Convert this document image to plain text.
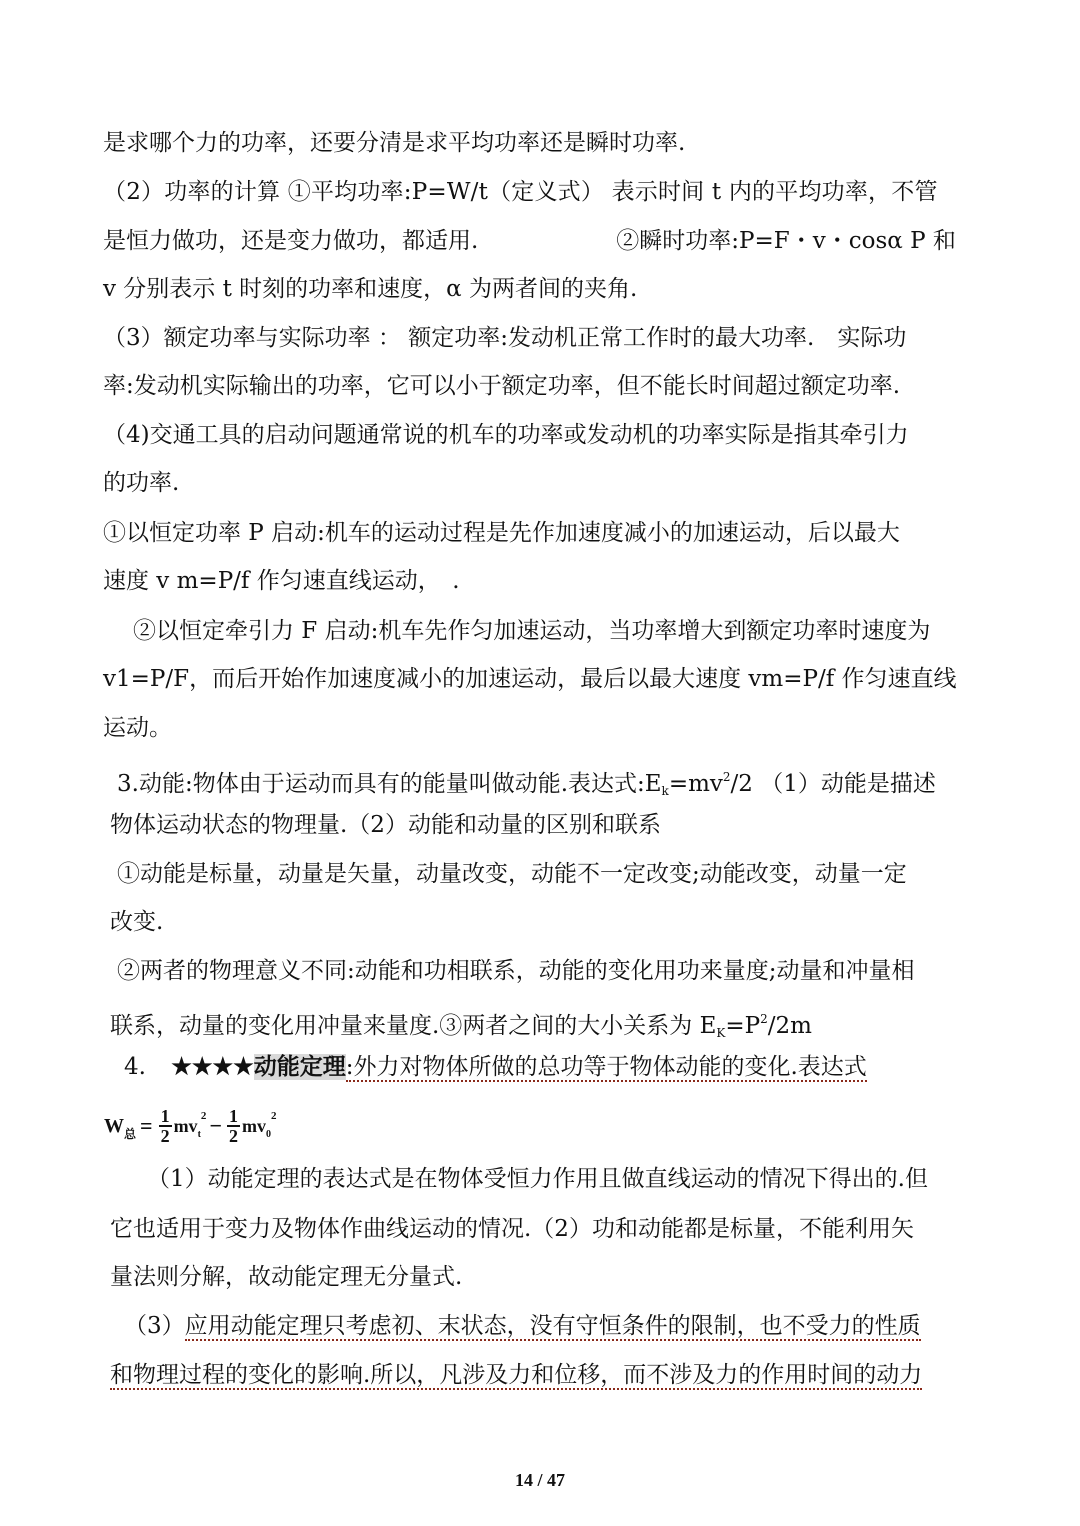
是求哪个力的功率，还要分清是求平均功率还是瞬时功率.
（2）功率的计算 ①平均功率:P=W/t（定义式） 表示时间 t 内的平均功率，不管
是恒力做功，还是变力做功，都适用.　　　　　　②瞬时功率:P=F・v・cosα P 和
v 分别表示 t 时刻的功率和速度，α 为两者间的夹角.
（3）额定功率与实际功率 ： 额定功率:发动机正常工作时的最大功率.　实际功
率:发动机实际输出的功率，它可以小于额定功率，但不能长时间超过额定功率.
（4)交通工具的启动问题通常说的机车的功率或发动机的功率实际是指其牵引力
的功率.
①以恒定功率 P 启动:机车的运动过程是先作加速度减小的加速运动，后以最大
速度 v m=P/f 作匀速直线运动，　.
②以恒定牵引力 F 启动:机车先作匀加速运动，当功率增大到额定功率时速度为
v1=P/F，而后开始作加速度减小的加速运动，最后以最大速度 vm=P/f 作匀速直线
运动。
3.动能:物体由于运动而具有的能量叫做动能.表达式$:E_k=mv^2/2$ （1）动能是描述
物体运动状态的物理量.（2）动能和动量的区别和联系
①动能是标量，动量是矢量，动量改变，动能不一定改变;动能改变，动量一定
改变.
②两者的物理意义不同:动能和功相联系，动能的变化用功来量度;动量和冲量相
联系，动量的变化用冲量来量度.③两者之间的大小关系为 $E_K=P^2/2m$
4. ★★★★动能定理:外力对物体所做的总功等于物体动能的变化.表达式
W 总 = $\frac{1}{2}$ mv t
$2 - \frac{1}{2}$ mv 0
2
（1）动能定理的表达式是在物体受恒力作用且做直线运动的情况下得出的.但
它也适用于变力及物体作曲线运动的情况.（2）功和动能都是标量，不能利用矢
量法则分解，故动能定理无分量式.
（3）应用动能定理只考虑初、末状态，没有守恒条件的限制，也不受力的性质
和物理过程的变化的影响.所以，凡涉及力和位移，而不涉及力的作用时间的动力
14 / 47
